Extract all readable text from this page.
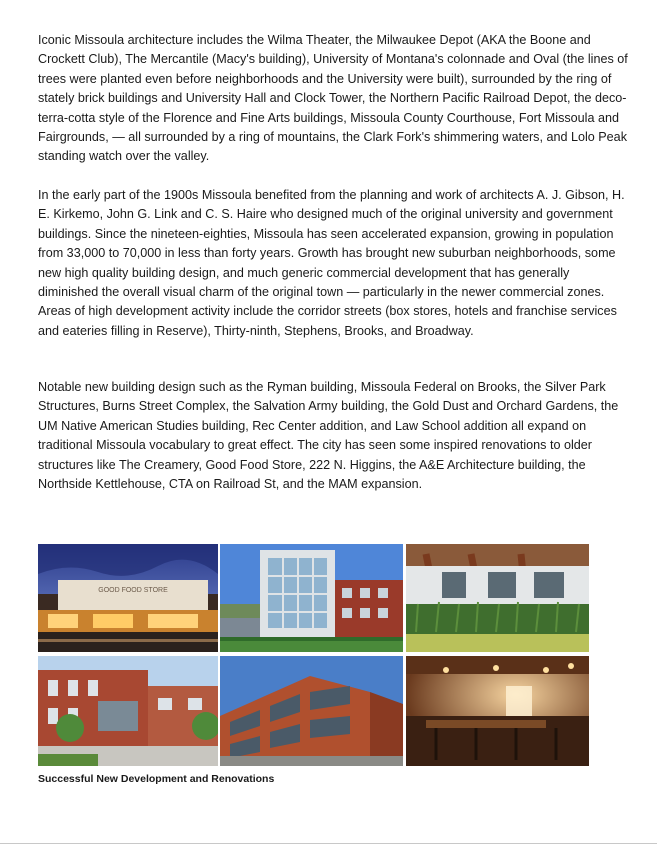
Iconic Missoula architecture includes the Wilma Theater, the Milwaukee Depot (AKA the Boone and Crockett Club), The Mercantile (Macy's building), University of Montana's colonnade and Oval (the lines of trees were planted even before neighborhoods and the University were built), surrounded by the ring of stately brick buildings and University Hall and Clock Tower, the Northern Pacific Railroad Depot, the deco-terra-cotta style of the Florence and Fine Arts buildings, Missoula County Courthouse, Fort Missoula and Fairgrounds, — all surrounded by a ring of mountains, the Clark Fork's shimmering waters, and Lolo Peak standing watch over the valley.

In the early part of the 1900s Missoula benefited from the planning and work of architects A. J. Gibson, H. E. Kirkemo, John G. Link and C. S. Haire who designed much of the original university and government buildings. Since the nineteen-eighties, Missoula has seen accelerated expansion, growing in population from 33,000 to 70,000 in less than forty years. Growth has brought new suburban neighborhoods, some new high quality building design, and much generic commercial development that has generally diminished the overall visual charm of the original town — particularly in the newer commercial zones. Areas of high development activity include the corridor streets (box stores, hotels and franchise services and eateries filling in Reserve), Thirty-ninth, Stephens, Brooks, and Broadway.

Notable new building design such as the Ryman building, Missoula Federal on Brooks, the Silver Park Structures, Burns Street Complex, the Salvation Army building, the Gold Dust and Orchard Gardens, the UM Native American Studies building, Rec Center addition, and Law School addition all expand on traditional Missoula vocabulary to great effect. The city has seen some inspired renovations to older structures like The Creamery, Good Food Store, 222 N. Higgins, the A&E Architecture building, the Northside Kettlehouse, CTA on Railroad St, and the MAM expansion.

GOOD FOOD STORE

Successful New Development and Renovations
